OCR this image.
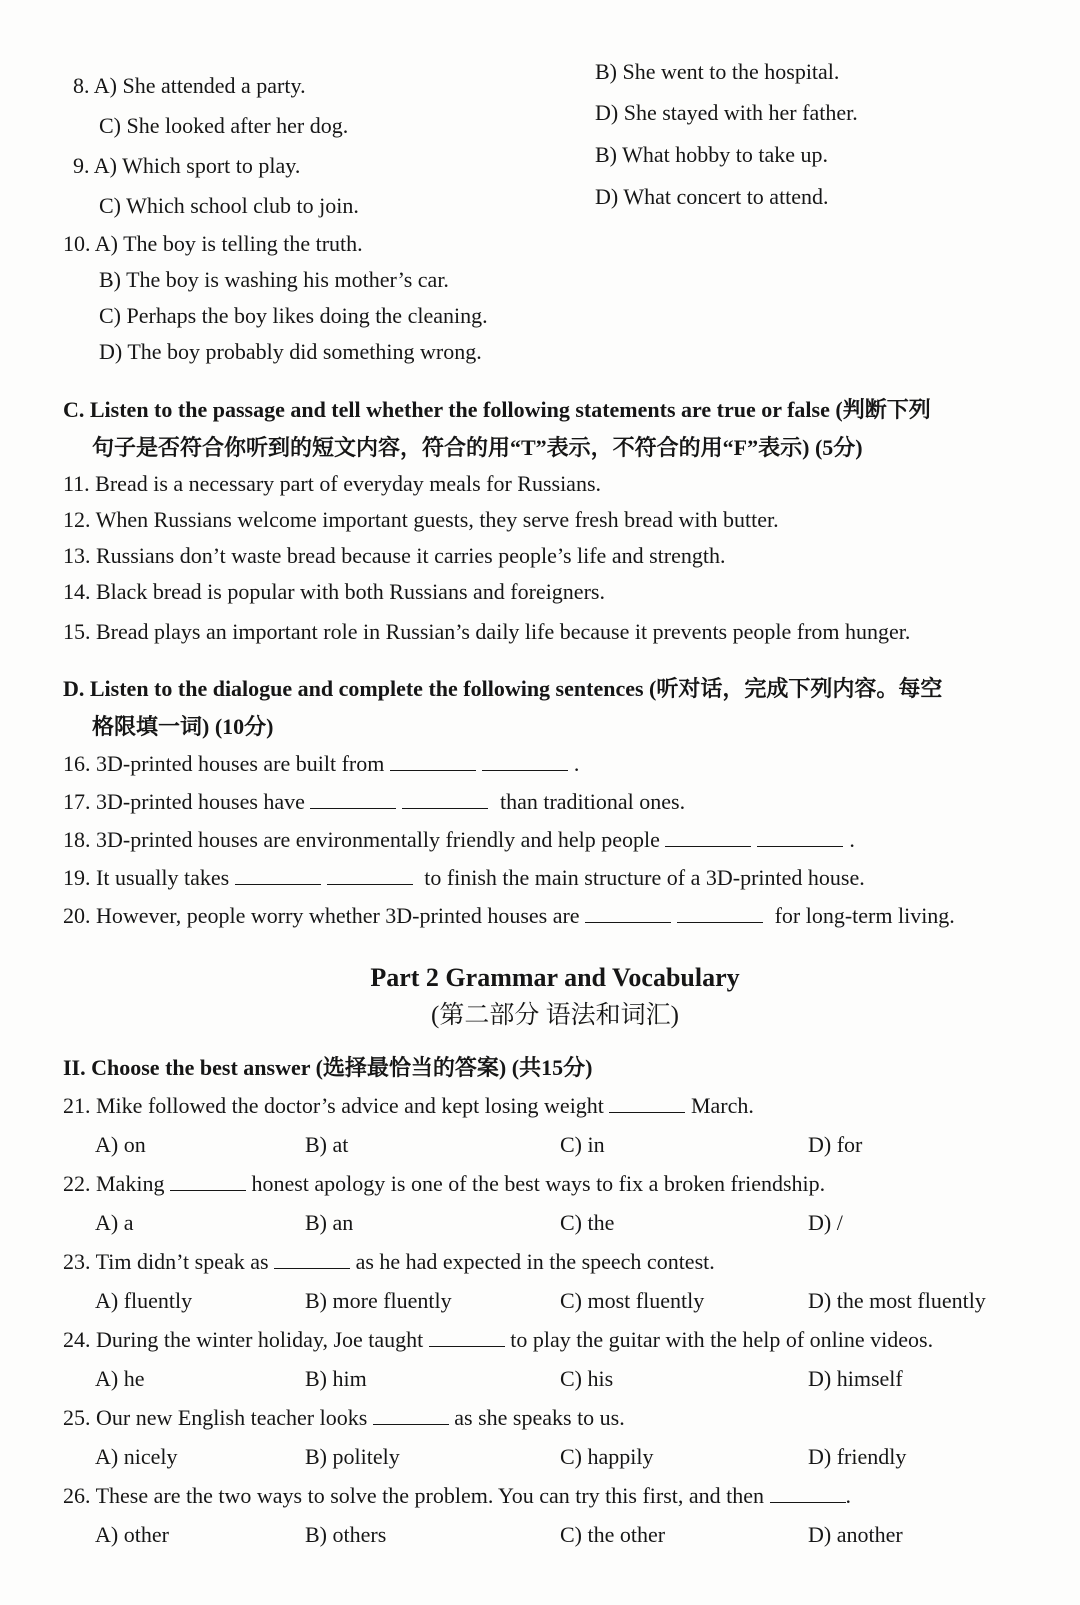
8. A) She attended a party.
B) She went to the hospital.
C) She looked after her dog.
D) She stayed with her father.
9. A) Which sport to play.	B) What hobby to take up.
C) Which school club to join.	D) What concert to attend.
10. A) The boy is telling the truth.
B) The boy is washing his mother’s car.
C) Perhaps the boy likes doing the cleaning.
D) The boy probably did something wrong.
C. Listen to the passage and tell whether the following statements are true or false (判断下列
句子是否符合你听到的短文内容，符合的用“T”表示，不符合的用“F”表示) (5分)
11. Bread is a necessary part of everyday meals for Russians.
12. When Russians welcome important guests, they serve fresh bread with butter.
13. Russians don’t waste bread because it carries people’s life and strength.
14. Black bread is popular with both Russians and foreigners.
15. Bread plays an important role in Russian’s daily life because it prevents people from hunger.
D. Listen to the dialogue and complete the following sentences (听对话，完成下列内容。每空
格限填一词) (10分)
16. 3D-printed houses are built from	.
17. 3D-printed houses have	than traditional ones.
18. 3D-printed houses are environmentally friendly and help people	.
19. It usually takes	to finish the main structure of a 3D-printed house.
20. However, people worry whether 3D-printed houses are	for long-term living.
Part 2 Grammar and Vocabulary
(第二部分 语法和词汇)
II. Choose the best answer (选择最恰当的答案) (共15分)
21. Mike followed the doctor’s advice and kept losing weight	March.
A) on	B) at	C) in	D) for
22. Making	honest apology is one of the best ways to fix a broken friendship.
A) a	B) an	C) the	D) /
23. Tim didn’t speak as	as he had expected in the speech contest.
A) fluently	B) more fluently	C) most fluently	D) the most fluently
24. During the winter holiday, Joe taught	to play the guitar with the help of online videos.
A) he	B) him	C) his	D) himself
25. Our new English teacher looks	as she speaks to us.
A) nicely	B) politely	C) happily	D) friendly
26. These are the two ways to solve the problem. You can try this first, and then	.
A) other	B) others	C) the other	D) another
